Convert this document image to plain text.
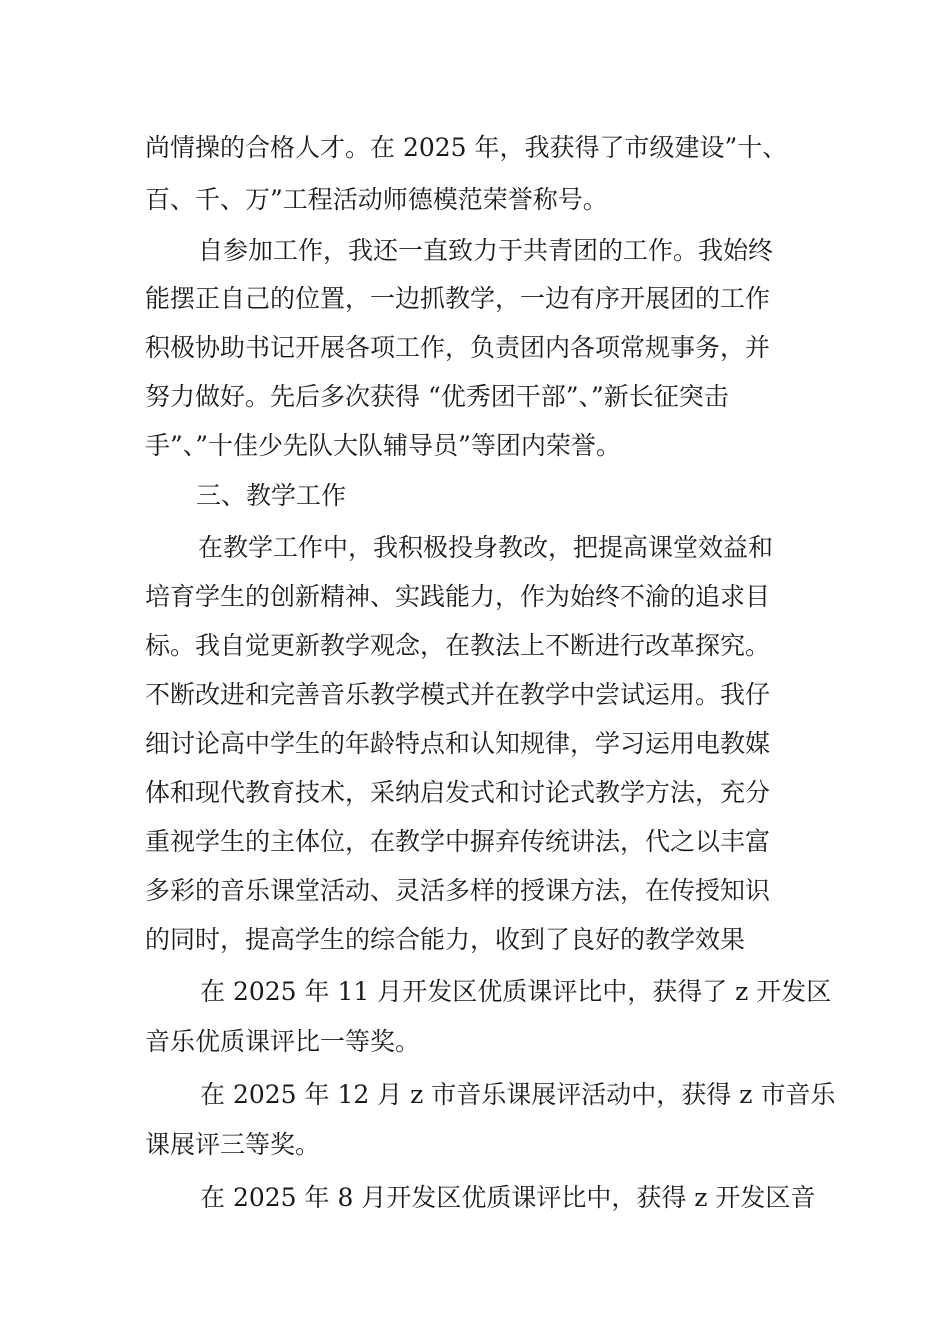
尚情操的合格人才。在 2025 年，我获得了市级建设”十、
百、千、万”工程活动师德模范荣誉称号。
自参加工作，我还一直致力于共青团的工作。我始终
能摆正自己的位置，一边抓教学，一边有序开展团的工作
积极协助书记开展各项工作，负责团内各项常规事务，并
努力做好。先后多次获得 “优秀团干部”、”新长征突击
手”、”十佳少先队大队辅导员”等团内荣誉。
三、教学工作
在教学工作中，我积极投身教改，把提高课堂效益和
培育学生的创新精神、实践能力，作为始终不渝的追求目
标。我自觉更新教学观念，在教法上不断进行改革探究。
不断改进和完善音乐教学模式并在教学中尝试运用。我仔
细讨论高中学生的年龄特点和认知规律，学习运用电教媒
体和现代教育技术，采纳启发式和讨论式教学方法，充分
重视学生的主体位，在教学中摒弃传统讲法，代之以丰富
多彩的音乐课堂活动、灵活多样的授课方法，在传授知识
的同时，提高学生的综合能力，收到了良好的教学效果
在 2025 年 11 月开发区优质课评比中，获得了 z 开发区
音乐优质课评比一等奖。
在 2025 年 12 月 z 市音乐课展评活动中，获得 z 市音乐
课展评三等奖。
在 2025 年 8 月开发区优质课评比中，获得 z 开发区音
